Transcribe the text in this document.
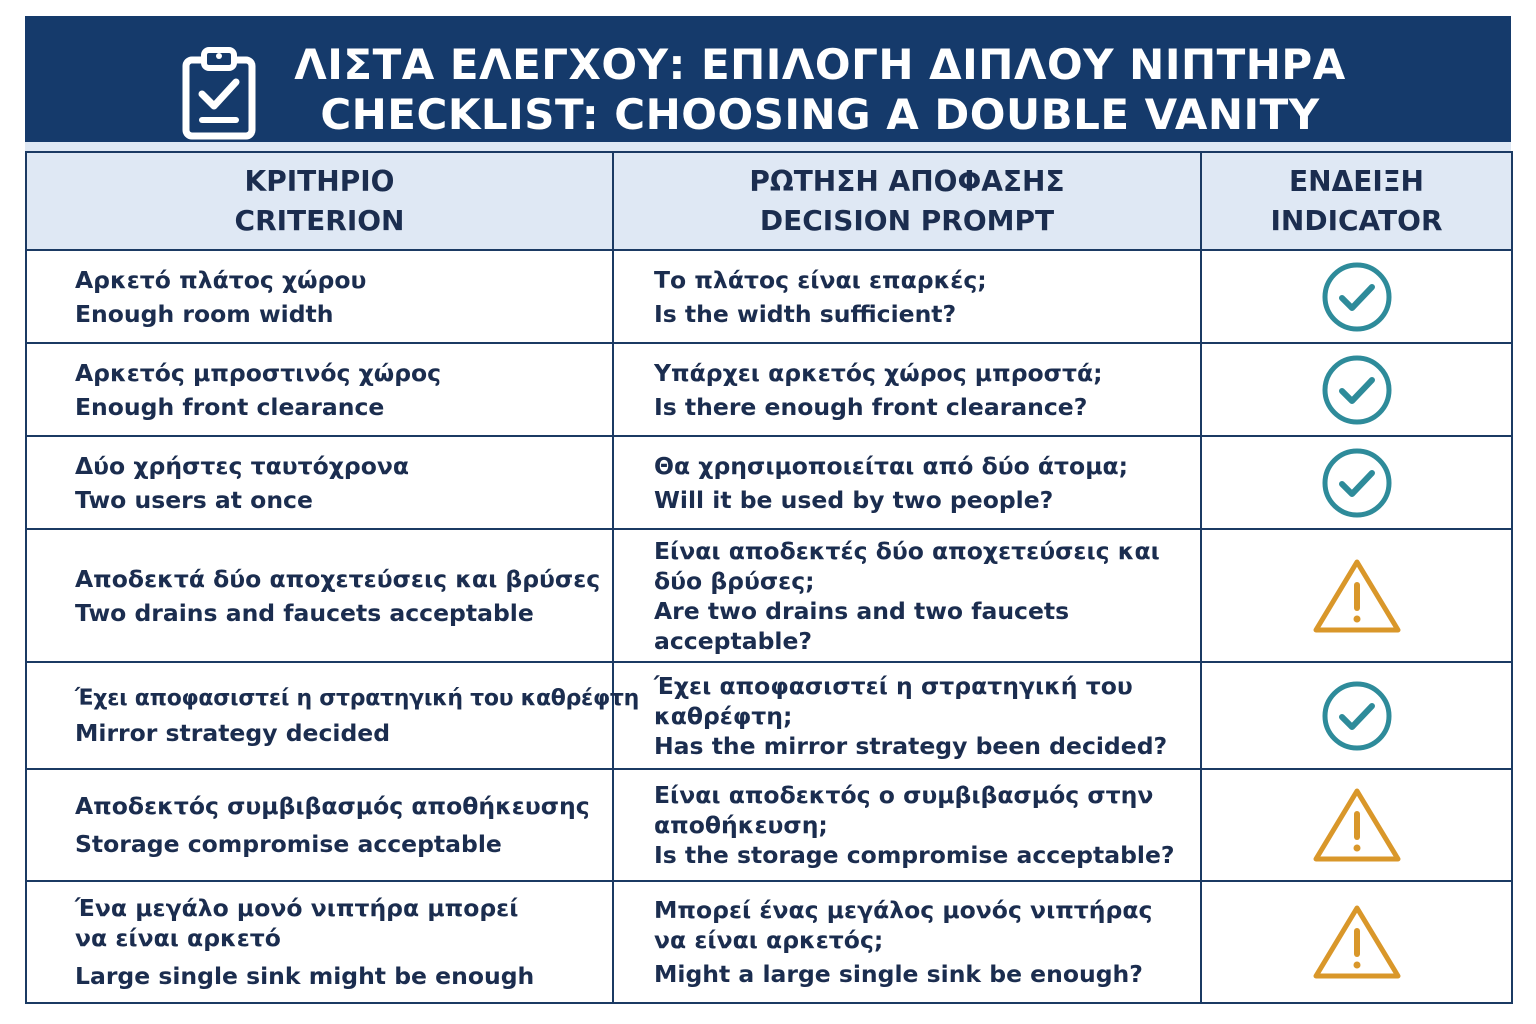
ΛΙΣΤΑ ΕΛΕΓΧΟΥ: ΕΠΙΛΟΓΗ ΔΙΠΛΟΥ ΝΙΠΤΗΡΑ
CHECKLIST: CHOOSING A DOUBLE VANITY
ΚΡΙΤΗΡΙΟ
CRITERION	ΡΩΤΗΣΗ ΑΠΟΦΑΣΗΣ
DECISION PROMPT	ΕΝΔΕΙΞΗ
INDICATOR

Αρκετό πλάτος χώρου
Enough room width	Το πλάτος είναι επαρκές;
Is the width sufficient?

Αρκετός μπροστινός χώρος
Enough front clearance	Υπάρχει αρκετός χώρος μπροστά;
Is there enough front clearance?

Δύο χρήστες ταυτόχρονα
Two users at once	Θα χρησιμοποιείται από δύο άτομα;
Will it be used by two people?

Αποδεκτά δύο αποχετεύσεις και βρύσες
Two drains and faucets acceptable	Είναι αποδεκτές δύο αποχετεύσεις και δύο βρύσες;
Are two drains and two faucets acceptable?

Έχει αποφασιστεί η στρατηγική του καθρέφτη
Mirror strategy decided	Έχει αποφασιστεί η στρατηγική του καθρέφτη;
Has the mirror strategy been decided?

Αποδεκτός συμβιβασμός αποθήκευσης
Storage compromise acceptable	Είναι αποδεκτός ο συμβιβασμός στην αποθήκευση;
Is the storage compromise acceptable?

Ένα μεγάλο μονό νιπτήρα μπορεί να είναι αρκετό
Large single sink might be enough	Μπορεί ένας μεγάλος μονός νιπτήρας να είναι αρκετός;
Might a large single sink be enough?
